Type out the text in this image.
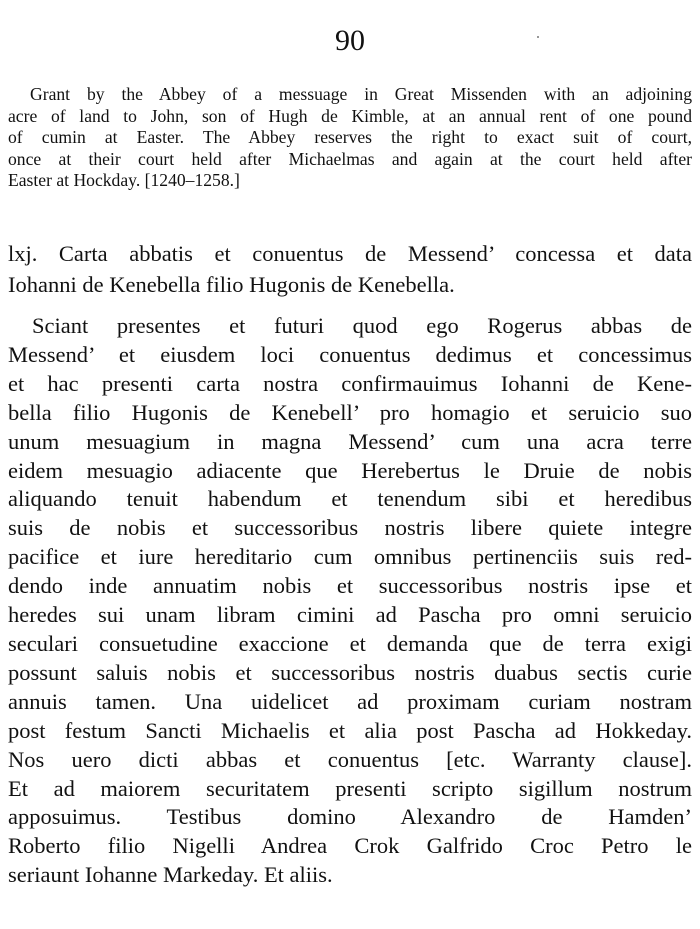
90
Grant by the Abbey of a messuage in Great Missenden with an adjoining
acre of land to John, son of Hugh de Kimble, at an annual rent of one pound
of cumin at Easter. The Abbey reserves the right to exact suit of court,
once at their court held after Michaelmas and again at the court held after
Easter at Hockday. [1240–1258.]
lxj. Carta abbatis et conuentus de Messend’ concessa et data
Iohanni de Kenebella filio Hugonis de Kenebella.
Sciant presentes et futuri quod ego Rogerus abbas de
Messend’ et eiusdem loci conuentus dedimus et concessimus
et hac presenti carta nostra confirmauimus Iohanni de Kene-
bella filio Hugonis de Kenebell’ pro homagio et seruicio suo
unum mesuagium in magna Messend’ cum una acra terre
eidem mesuagio adiacente que Herebertus le Druie de nobis
aliquando tenuit habendum et tenendum sibi et heredibus
suis de nobis et successoribus nostris libere quiete integre
pacifice et iure hereditario cum omnibus pertinenciis suis red-
dendo inde annuatim nobis et successoribus nostris ipse et
heredes sui unam libram cimini ad Pascha pro omni seruicio
seculari consuetudine exaccione et demanda que de terra exigi
possunt saluis nobis et successoribus nostris duabus sectis curie
annuis tamen. Una uidelicet ad proximam curiam nostram
post festum Sancti Michaelis et alia post Pascha ad Hokkeday.
Nos uero dicti abbas et conuentus [etc. Warranty clause].
Et ad maiorem securitatem presenti scripto sigillum nostrum
apposuimus. Testibus domino Alexandro de Hamden’
Roberto filio Nigelli Andrea Crok Galfrido Croc Petro le
seriaunt Iohanne Markeday. Et aliis.
